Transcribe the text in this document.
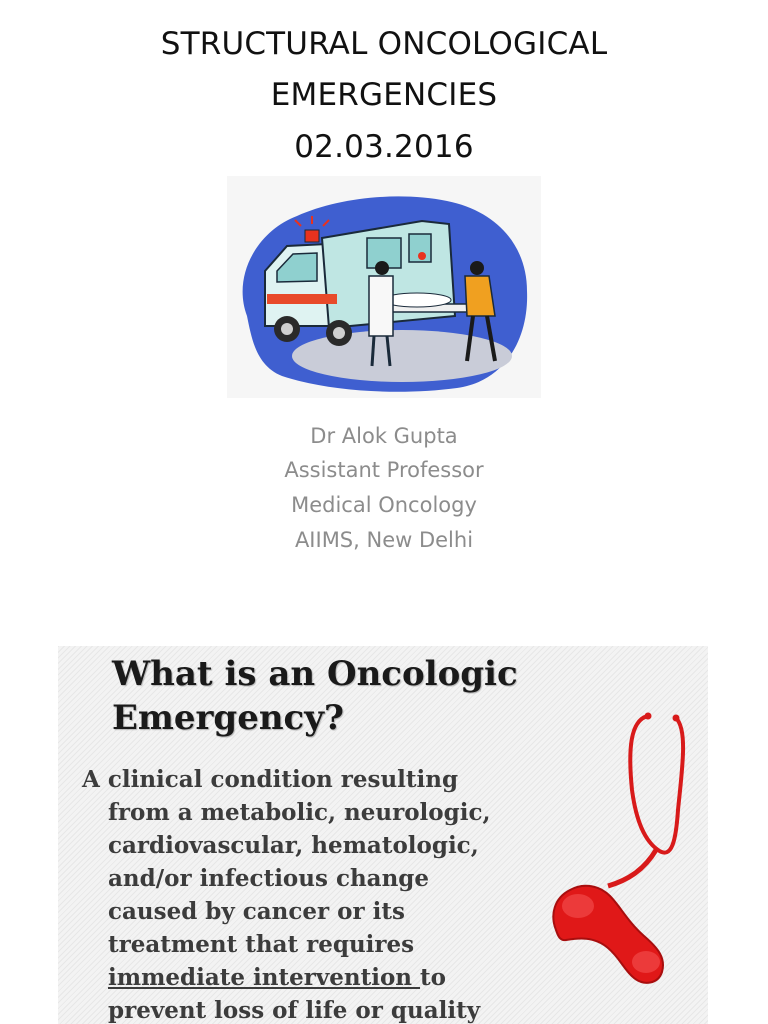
STRUCTURAL ONCOLOGICAL
EMERGENCIES
02.03.2016
Dr Alok Gupta
Assistant Professor
Medical Oncology
AIIMS, New Delhi
What is an Oncologic
Emergency?
A clinical condition resulting
from a metabolic, neurologic,
cardiovascular, hematologic,
and/or infectious change
caused by cancer or its
treatment that requires
immediate intervention to
prevent loss of life or quality
